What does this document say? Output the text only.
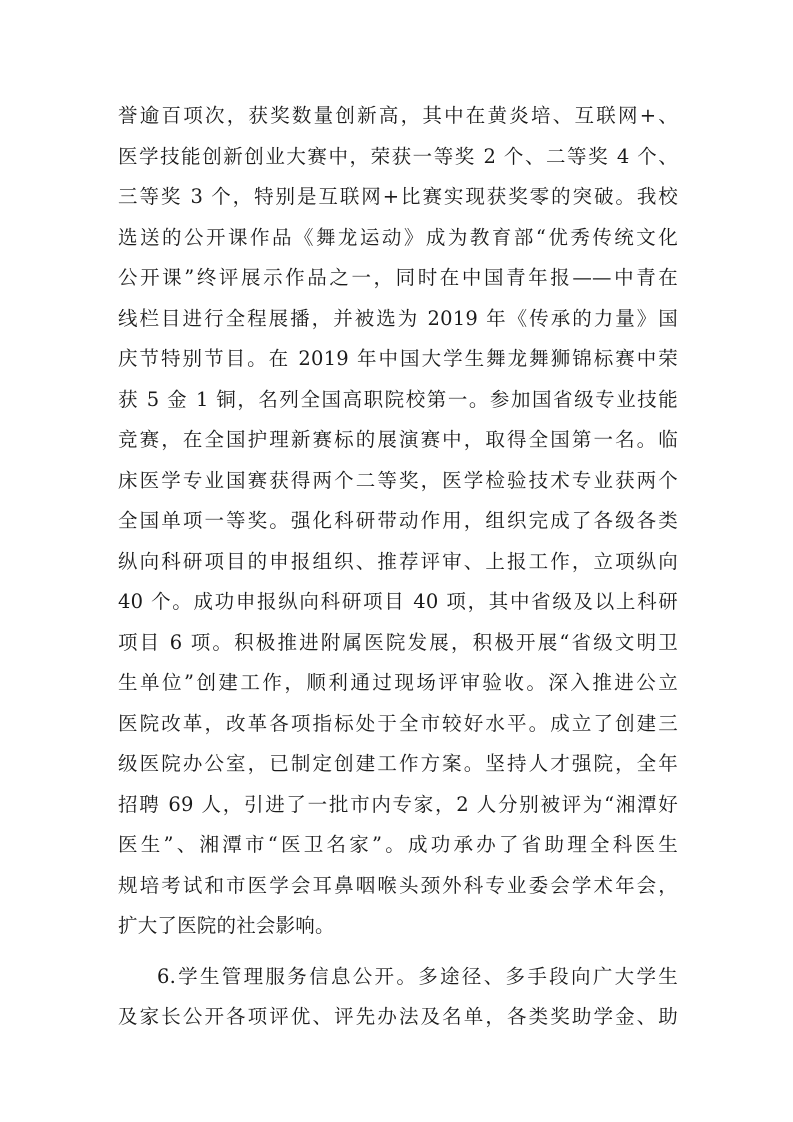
誉逾百项次，获奖数量创新高，其中在黄炎培、互联网+、
医学技能创新创业大赛中，荣获一等奖 2 个、二等奖 4 个、
三等奖 3 个，特别是互联网+比赛实现获奖零的突破。我校
选送的公开课作品《舞龙运动》成为教育部“优秀传统文化
公开课”终评展示作品之一，同时在中国青年报——中青在
线栏目进行全程展播，并被选为 2019 年《传承的力量》国
庆节特别节目。在 2019 年中国大学生舞龙舞狮锦标赛中荣
获 5 金 1 铜，名列全国高职院校第一。参加国省级专业技能
竞赛，在全国护理新赛标的展演赛中，取得全国第一名。临
床医学专业国赛获得两个二等奖，医学检验技术专业获两个
全国单项一等奖。强化科研带动作用，组织完成了各级各类
纵向科研项目的申报组织、推荐评审、上报工作，立项纵向
40 个。成功申报纵向科研项目 40 项，其中省级及以上科研
项目 6 项。积极推进附属医院发展，积极开展“省级文明卫
生单位”创建工作，顺利通过现场评审验收。深入推进公立
医院改革，改革各项指标处于全市较好水平。成立了创建三
级医院办公室，已制定创建工作方案。坚持人才强院，全年
招聘 69 人，引进了一批市内专家，2 人分别被评为“湘潭好
医生”、湘潭市“医卫名家”。成功承办了省助理全科医生
规培考试和市医学会耳鼻咽喉头颈外科专业委会学术年会，
扩大了医院的社会影响。
6.学生管理服务信息公开。多途径、多手段向广大学生
及家长公开各项评优、评先办法及名单，各类奖助学金、助
